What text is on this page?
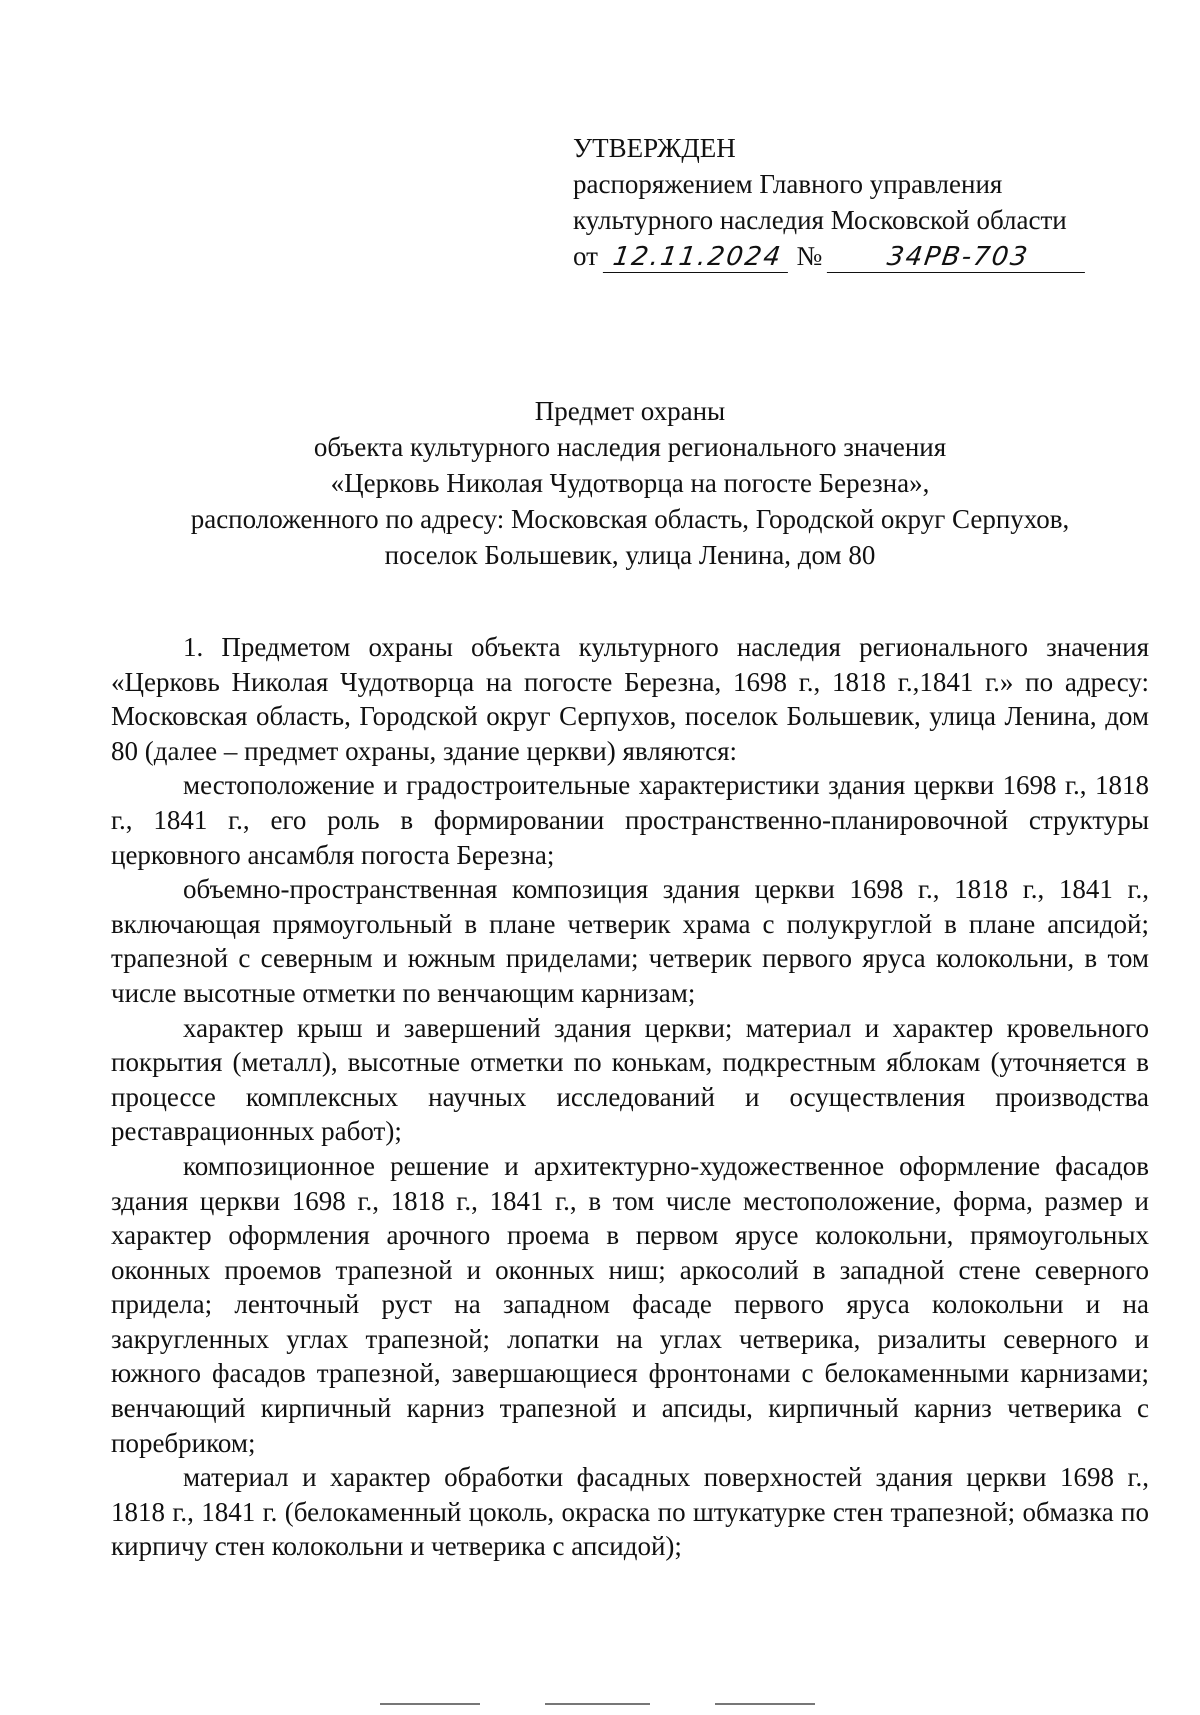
УТВЕРЖДЕН
распоряжением Главного управления
культурного наследия Московской области
от 12.11.2024 № 34РВ-703
Предмет охраны
объекта культурного наследия регионального значения
«Церковь Николая Чудотворца на погосте Березна»,
расположенного по адресу: Московская область, Городской округ Серпухов,
поселок Большевик, улица Ленина, дом 80

1. Предметом охраны объекта культурного наследия регионального значения «Церковь Николая Чудотворца на погосте Березна, 1698 г., 1818 г.,1841 г.» по адресу: Московская область, Городской округ Серпухов, поселок Большевик, улица Ленина, дом 80 (далее – предмет охраны, здание церкви) являются:

местоположение и градостроительные характеристики здания церкви 1698 г., 1818 г., 1841 г., его роль в формировании пространственно-планировочной структуры церковного ансамбля погоста Березна;

объемно-пространственная композиция здания церкви 1698 г., 1818 г., 1841 г., включающая прямоугольный в плане четверик храма с полукруглой в плане апсидой; трапезной с северным и южным приделами; четверик первого яруса колокольни, в том числе высотные отметки по венчающим карнизам;

характер крыш и завершений здания церкви; материал и характер кровельного покрытия (металл), высотные отметки по конькам, подкрестным яблокам (уточняется в процессе комплексных научных исследований и осуществления производства реставрационных работ);

композиционное решение и архитектурно-художественное оформление фасадов здания церкви 1698 г., 1818 г., 1841 г., в том числе местоположение, форма, размер и характер оформления арочного проема в первом ярусе колокольни, прямоугольных оконных проемов трапезной и оконных ниш; аркосолий в западной стене северного придела; ленточный руст на западном фасаде первого яруса колокольни и на закругленных углах трапезной; лопатки на углах четверика, ризалиты северного и южного фасадов трапезной, завершающиеся фронтонами с белокаменными карнизами; венчающий кирпичный карниз трапезной и апсиды, кирпичный карниз четверика с поребриком;

материал и характер обработки фасадных поверхностей здания церкви 1698 г., 1818 г., 1841 г. (белокаменный цоколь, окраска по штукатурке стен трапезной; обмазка по кирпичу стен колокольни и четверика с апсидой);
